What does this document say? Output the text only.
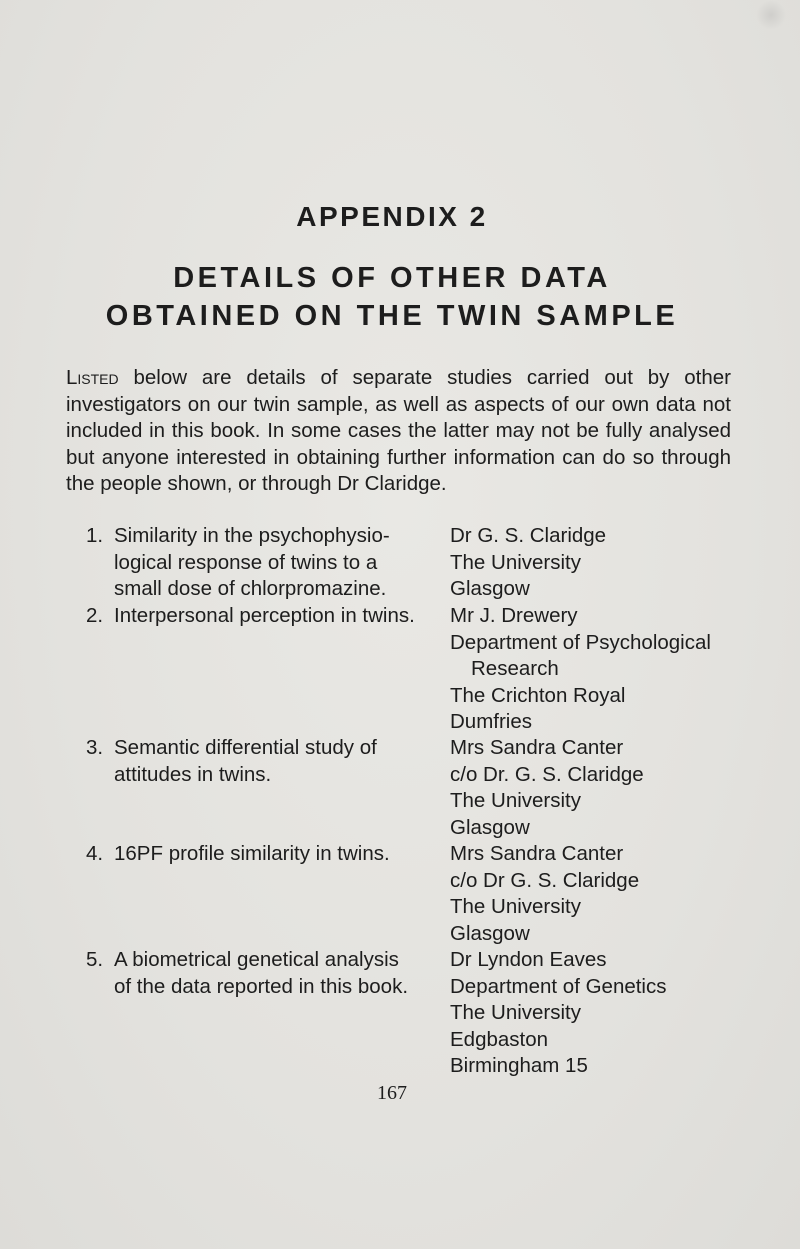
APPENDIX 2
DETAILS OF OTHER DATA
OBTAINED ON THE TWIN SAMPLE
Listed below are details of separate studies carried out by other investigators on our twin sample, as well as aspects of our own data not included in this book. In some cases the latter may not be fully analysed but anyone interested in obtaining further information can do so through the people shown, or through Dr Claridge.
1. Similarity in the psychophysio-
logical response of twins to a
small dose of chlorpromazine.
Dr G. S. Claridge
The University
Glasgow
2. Interpersonal perception in twins.	Mr J. Drewery
Department of Psychological
Research
The Crichton Royal
Dumfries
3. Semantic differential study of
attitudes in twins.
Mrs Sandra Canter
c/o Dr. G. S. Claridge
The University
Glasgow
4. 16PF profile similarity in twins.	Mrs Sandra Canter
c/o Dr G. S. Claridge
The University
Glasgow
5. A biometrical genetical analysis
of the data reported in this book.
Dr Lyndon Eaves
Department of Genetics
The University
Edgbaston
Birmingham 15
167
